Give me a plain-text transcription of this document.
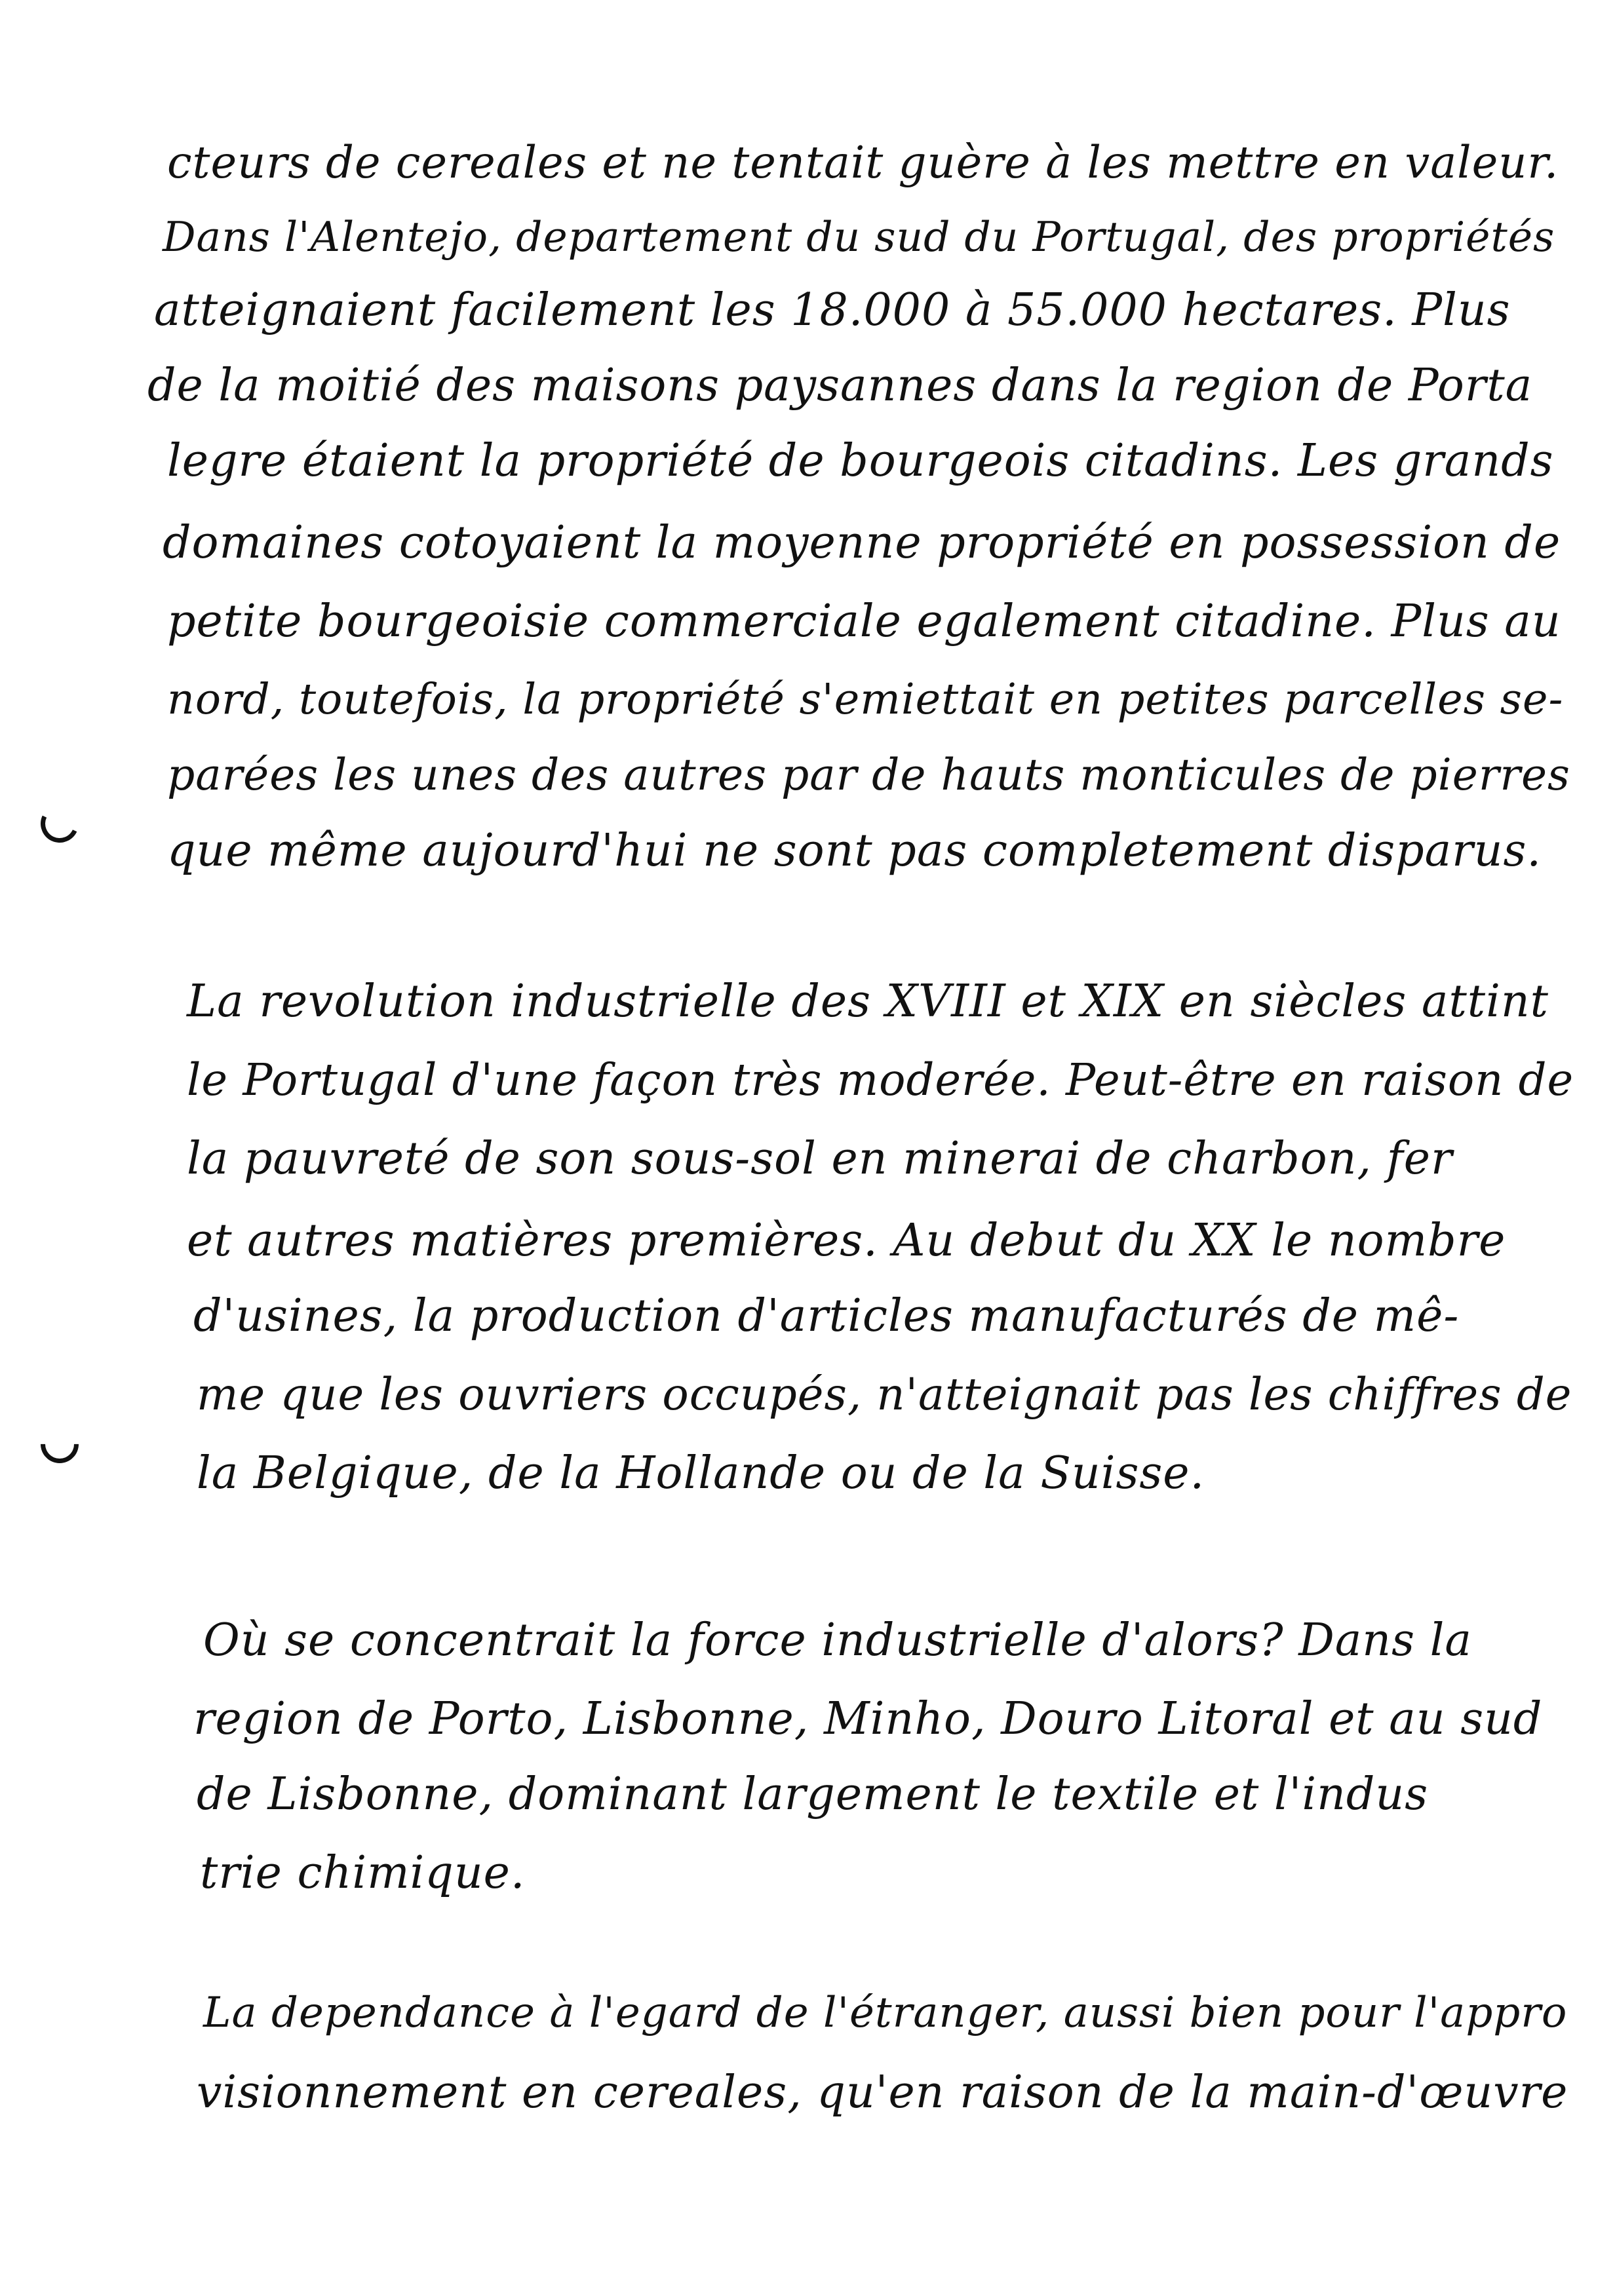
cteurs de cereales et ne tentait guère à les mettre en valeur.

Dans l'Alentejo, departement du sud du Portugal, des propriétés

atteignaient facilement les 18.000 à 55.000 hectares. Plus

de la moitié des maisons paysannes dans la region de Porta

legre étaient la propriété de bourgeois citadins. Les grands

domaines cotoyaient la moyenne propriété en possession de

petite bourgeoisie commerciale egalement citadine. Plus au

nord, toutefois, la propriété s'emiettait en petites parcelles se-

parées les unes des autres par de hauts monticules de pierres

que même aujourd'hui ne sont pas completement disparus.

La revolution industrielle des XVIII et XIX en siècles attint

le Portugal d'une façon très moderée. Peut-être en raison de

la pauvreté de son sous-sol en minerai de charbon, fer

et autres matières premières. Au debut du XX le nombre

d'usines, la production d'articles manufacturés de mê-

me que les ouvriers occupés, n'atteignait pas les chiffres de

la Belgique, de la Hollande ou de la Suisse.

Où se concentrait la force industrielle d'alors? Dans la

region de Porto, Lisbonne, Minho, Douro Litoral et au sud

de Lisbonne, dominant largement le textile et l'indus

trie chimique.

La dependance à l'egard de l'étranger, aussi bien pour l'appro

visionnement en cereales, qu'en raison de la main-d'œuvre
